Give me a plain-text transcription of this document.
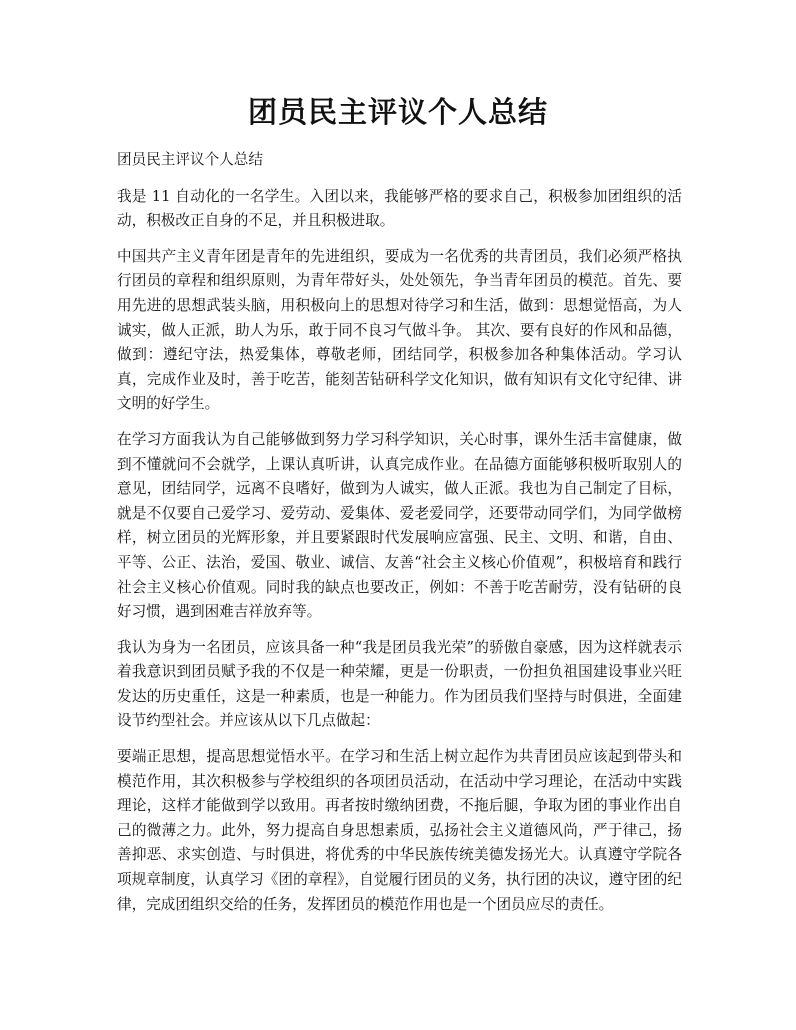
团员民主评议个人总结

团员民主评议个人总结

我是 11 自动化的一名学生。入团以来，我能够严格的要求自己，积极参加团组织的活动，积极改正自身的不足，并且积极进取。

中国共产主义青年团是青年的先进组织，要成为一名优秀的共青团员，我们必须严格执行团员的章程和组织原则，为青年带好头，处处领先，争当青年团员的模范。首先、要用先进的思想武装头脑，用积极向上的思想对待学习和生活，做到：思想觉悟高，为人诚实，做人正派，助人为乐，敢于同不良习气做斗争。 其次、要有良好的作风和品德，做到：遵纪守法，热爱集体，尊敬老师，团结同学，积极参加各种集体活动。学习认真，完成作业及时，善于吃苦，能刻苦钻研科学文化知识，做有知识有文化守纪律、讲文明的好学生。

在学习方面我认为自己能够做到努力学习科学知识，关心时事，课外生活丰富健康，做到不懂就问不会就学，上课认真听讲，认真完成作业。在品德方面能够积极听取别人的意见，团结同学，远离不良嗜好，做到为人诚实，做人正派。我也为自己制定了目标，就是不仅要自己爱学习、爱劳动、爱集体、爱老爱同学，还要带动同学们，为同学做榜样，树立团员的光辉形象，并且要紧跟时代发展响应富强、民主、文明、和谐，自由、平等、公正、法治，爱国、敬业、诚信、友善“社会主义核心价值观”，积极培育和践行社会主义核心价值观。同时我的缺点也要改正，例如：不善于吃苦耐劳，没有钻研的良好习惯，遇到困难吉祥放弃等。

我认为身为一名团员，应该具备一种“我是团员我光荣”的骄傲自豪感，因为这样就表示着我意识到团员赋予我的不仅是一种荣耀，更是一份职责，一份担负祖国建设事业兴旺发达的历史重任，这是一种素质，也是一种能力。作为团员我们坚持与时俱进，全面建设节约型社会。并应该从以下几点做起：

要端正思想，提高思想觉悟水平。在学习和生活上树立起作为共青团员应该起到带头和模范作用，其次积极参与学校组织的各项团员活动，在活动中学习理论，在活动中实践理论，这样才能做到学以致用。再者按时缴纳团费，不拖后腿，争取为团的事业作出自己的微薄之力。此外，努力提高自身思想素质，弘扬社会主义道德风尚，严于律己，扬善抑恶、求实创造、与时俱进，将优秀的中华民族传统美德发扬光大。认真遵守学院各项规章制度，认真学习《团的章程》，自觉履行团员的义务，执行团的决议，遵守团的纪律，完成团组织交给的任务，发挥团员的模范作用也是一个团员应尽的责任。
